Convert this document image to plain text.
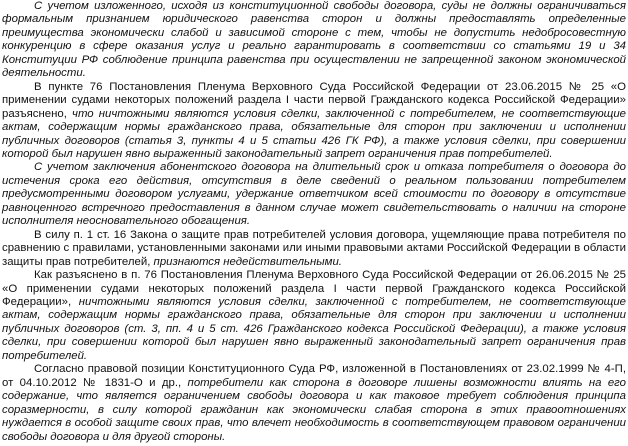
С учетом изложенного, исходя из конституционной свободы договора, суды не должны ограничиваться формальным признанием юридического равенства сторон и должны предоставлять определенные преимущества экономически слабой и зависимой стороне с тем, чтобы не допустить недобросовестную конкуренцию в сфере оказания услуг и реально гарантировать в соответствии со статьями 19 и 34 Конституции РФ соблюдение принципа равенства при осуществлении не запрещенной законом экономической деятельности.

В пункте 76 Постановления Пленума Верховного Суда Российской Федерации от 23.06.2015 № 25 «О применении судами некоторых положений раздела I части первой Гражданского кодекса Российской Федерации» разъяснено, что ничтожными являются условия сделки, заключенной с потребителем, не соответствующие актам, содержащим нормы гражданского права, обязательные для сторон при заключении и исполнении публичных договоров (статья 3, пункты 4 и 5 статьи 426 ГК РФ), а также условия сделки, при совершении которой был нарушен явно выраженный законодательный запрет ограничения прав потребителей.

С учетом заключения абонентского договора на длительный срок и отказа потребителя о договора до истечения срока его действия, отсутствия в деле сведений о реальном пользовании потребителем предусмотренными договором услугами, удержание ответчиком всей стоимости по договору в отсутствие равноценного встречного предоставления в данном случае может свидетельствовать о наличии на стороне исполнителя неосновательного обогащения.

В силу п. 1 ст. 16 Закона о защите прав потребителей условия договора, ущемляющие права потребителя по сравнению с правилами, установленными законами или иными правовыми актами Российской Федерации в области защиты прав потребителей, признаются недействительными.

Как разъяснено в п. 76 Постановления Пленума Верховного Суда Российской Федерации от 26.06.2015 № 25 «О применении судами некоторых положений раздела I части первой Гражданского кодекса Российской Федерации», ничтожными являются условия сделки, заключенной с потребителем, не соответствующие актам, содержащим нормы гражданского права, обязательные для сторон при заключении и исполнении публичных договоров (ст. 3, пп. 4 и 5 ст. 426 Гражданского кодекса Российской Федерации), а также условия сделки, при совершении которой был нарушен явно выраженный законодательный запрет ограничения прав потребителей.

Согласно правовой позиции Конституционного Суда РФ, изложенной в Постановлениях от 23.02.1999 № 4-П, от 04.10.2012 № 1831-О и др., потребители как сторона в договоре лишены возможности влиять на его содержание, что является ограничением свободы договора и как таковое требует соблюдения принципа соразмерности, в силу которой гражданин как экономически слабая сторона в этих правоотношениях нуждается в особой защите своих прав, что влечет необходимость в соответствующем правовом ограничении свободы договора и для другой стороны.
